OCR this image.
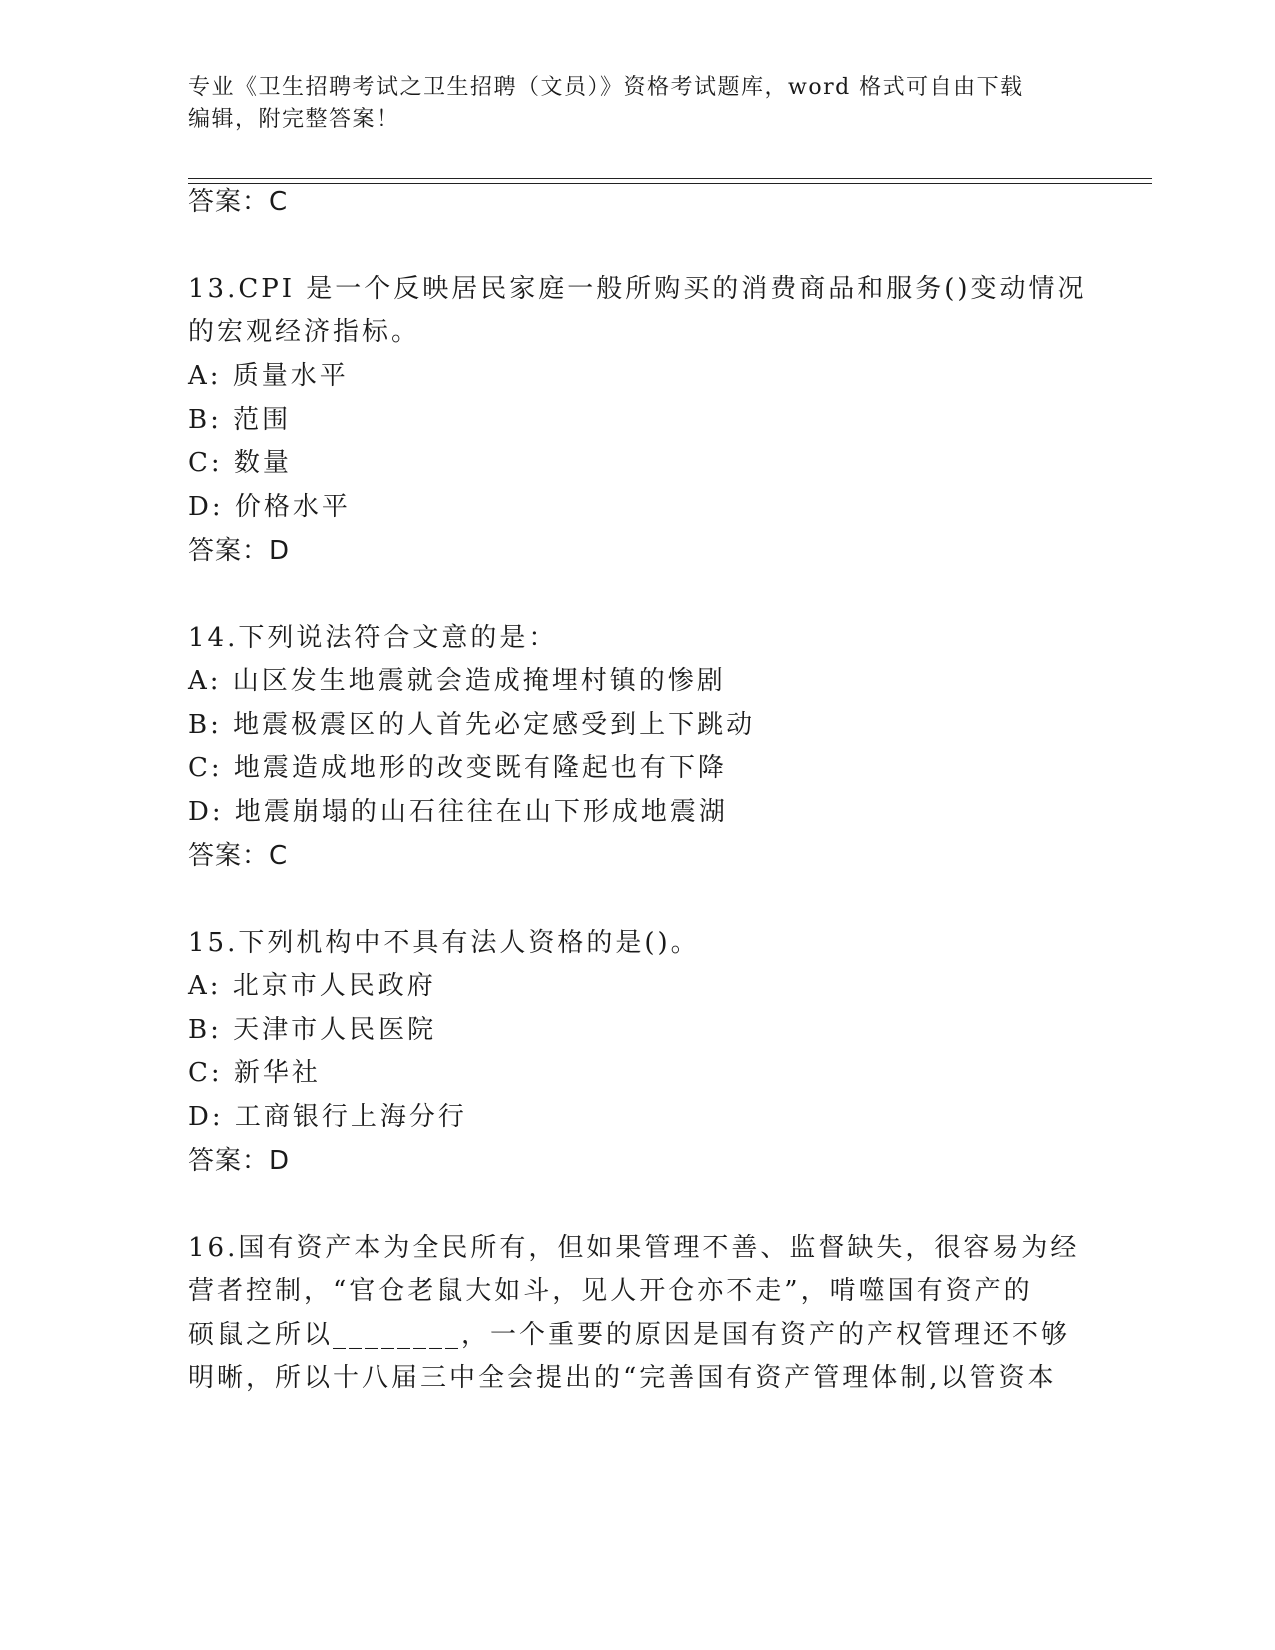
专业《卫生招聘考试之卫生招聘（文员）》资格考试题库，word 格式可自由下载
编辑，附完整答案！
答案：C
13.CPI 是一个反映居民家庭一般所购买的消费商品和服务()变动情况
的宏观经济指标。
A: 质量水平
B: 范围
C: 数量
D: 价格水平
答案：D
14.下列说法符合文意的是：
A: 山区发生地震就会造成掩埋村镇的惨剧
B: 地震极震区的人首先必定感受到上下跳动
C: 地震造成地形的改变既有隆起也有下降
D: 地震崩塌的山石往往在山下形成地震湖
答案：C
15.下列机构中不具有法人资格的是()。
A: 北京市人民政府
B: 天津市人民医院
C: 新华社
D: 工商银行上海分行
答案：D
16.国有资产本为全民所有，但如果管理不善、监督缺失，很容易为经
营者控制，“官仓老鼠大如斗，见人开仓亦不走”，啃噬国有资产的
硕鼠之所以________，一个重要的原因是国有资产的产权管理还不够
明晰，所以十八届三中全会提出的“完善国有资产管理体制,以管资本
